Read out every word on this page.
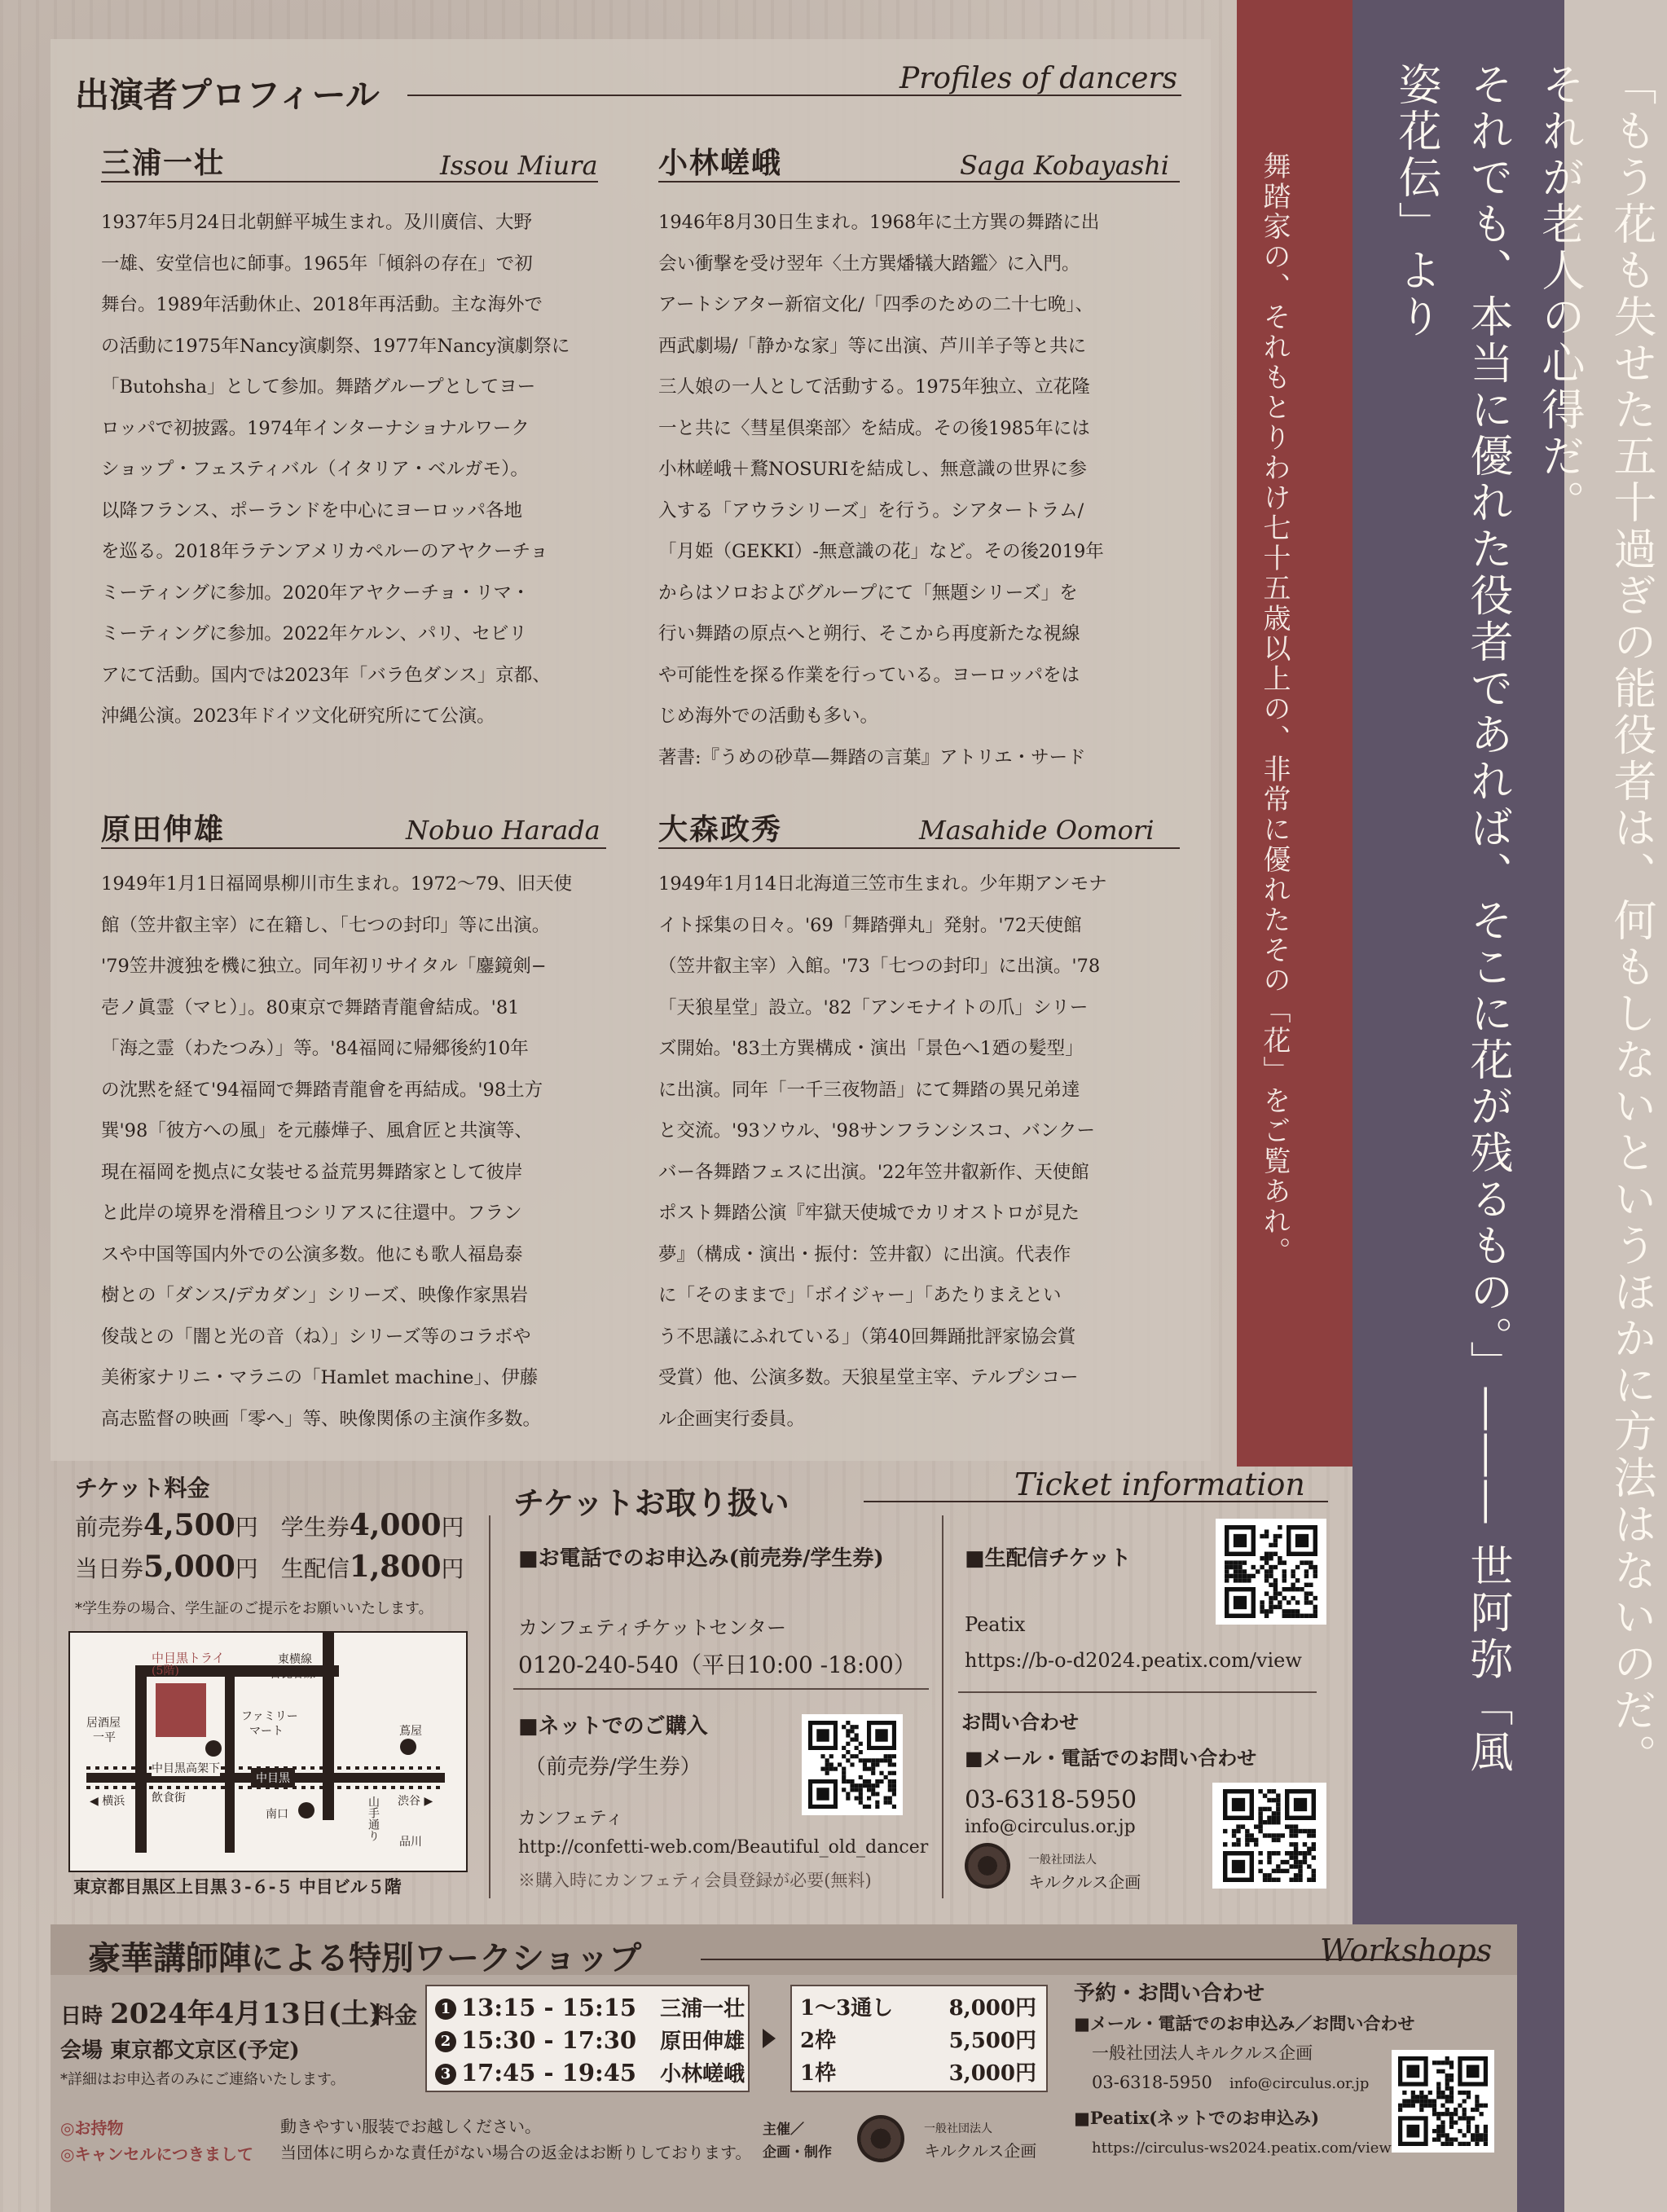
出演者プロフィール	Profiles of dancers
三浦一壮	Issou Miura
1937年5月24日北朝鮮平城生まれ。及川廣信、大野
一雄、安堂信也に師事。1965年「傾斜の存在」で初
舞台。1989年活動休止、2018年再活動。主な海外で
の活動に1975年Nancy演劇祭、1977年Nancy演劇祭に
「Butohsha」として参加。舞踏グループとしてヨー
ロッパで初披露。1974年インターナショナルワーク
ショップ・フェスティバル（イタリア・ベルガモ）。
以降フランス、ポーランドを中心にヨーロッパ各地
を巡る。2018年ラテンアメリカペルーのアヤクーチョ
ミーティングに参加。2020年アヤクーチョ・リマ・
ミーティングに参加。2022年ケルン、パリ、セビリ
アにて活動。国内では2023年「バラ色ダンス」京都、
沖縄公演。2023年ドイツ文化研究所にて公演。
小林嵯峨	Saga Kobayashi
1946年8月30日生まれ。1968年に土方巽の舞踏に出
会い衝撃を受け翌年〈土方巽燔犠大踏鑑〉に入門。
アートシアター新宿文化/「四季のための二十七晩」、
西武劇場/「静かな家」等に出演、芦川羊子等と共に
三人娘の一人として活動する。1975年独立、立花隆
一と共に〈彗星倶楽部〉を結成。その後1985年には
小林嵯峨＋鶩NOSURIを結成し、無意識の世界に参
入する「アウラシリーズ」を行う。シアタートラム/
「月姫（GEKKI）-無意識の花」など。その後2019年
からはソロおよびグループにて「無題シリーズ」を
行い舞踏の原点へと朔行、そこから再度新たな視線
や可能性を探る作業を行っている。ヨーロッパをは
じめ海外での活動も多い。
著書:『うめの砂草—舞踏の言葉』アトリエ・サード
原田伸雄	Nobuo Harada
1949年1月1日福岡県柳川市生まれ。1972〜79、旧天使
館（笠井叡主宰）に在籍し、「七つの封印」等に出演。
'79笠井渡独を機に独立。同年初リサイタル「鏖鏡剣−
壱ノ眞霊（マヒ）」。80東京で舞踏青龍會結成。'81
「海之霊（わたつみ）」等。'84福岡に帰郷後約10年
の沈黙を経て'94福岡で舞踏青龍會を再結成。'98土方
巽'98「彼方への風」を元藤燁子、風倉匠と共演等、
現在福岡を拠点に女装せる益荒男舞踏家として彼岸
と此岸の境界を滑稽且つシリアスに往還中。フラン
スや中国等国内外での公演多数。他にも歌人福島泰
樹との「ダンス/デカダン」シリーズ、映像作家黒岩
俊哉との「闇と光の音（ね）」シリーズ等のコラボや
美術家ナリニ・マラニの「Hamlet machine」、伊藤
高志監督の映画「零へ」等、映像関係の主演作多数。
大森政秀	Masahide Oomori
1949年1月14日北海道三笠市生まれ。少年期アンモナ
イト採集の日々。'69「舞踏弾丸」発射。'72天使館
（笠井叡主宰）入館。'73「七つの封印」に出演。'78
「天狼星堂」設立。'82「アンモナイトの爪」シリー
ズ開始。'83土方巽構成・演出「景色へ1廼の髪型」
に出演。同年「一千三夜物語」にて舞踏の異兄弟達
と交流。'93ソウル、'98サンフランシスコ、バンクー
バー各舞踏フェスに出演。'22年笠井叡新作、天使館
ポスト舞踏公演『牢獄天使城でカリオストロが見た
夢』（構成・演出・振付：笠井叡）に出演。代表作
に「そのままで」「ボイジャー」「あたりまえとい
う不思議にふれている」（第40回舞踊批評家協会賞
受賞）他、公演多数。天狼星堂主宰、テルプシコー
ル企画実行委員。
舞踏家の、それもとりわけ七十五歳以上の、非常に優れたその「花」をご覧あれ。	「もう花も失せた五十過ぎの能役者は、何もしないというほかに方法はないのだ。それが老人の心得だ。
それでも、本当に優れた役者であれば、そこに花が残るもの。」――― 世阿弥「風姿花伝」より
チケット料金
前売券4,500円　 学生券4,000円
当日券5,000円　 生配信1,800円
*学生券の場合、学生証のご提示をお願いいたします。
中目黒トライ
(5階)
東横線
日比谷線
居酒屋
一平
ファミリー
マート	蔦屋
中目黒高架下
飲食街
中目黒
南口
◀ 横浜	渋谷 ▶
山手通り
品川
東京都目黒区上目黒３-６-５ 中目ビル５階
チケットお取り扱い	Ticket information
■お電話でのお申込み(前売券/学生券)
カンフェティチケットセンター
0120-240-540（平日10:00 -18:00）
■ネットでのご購入
（前売券/学生券）
カンフェティ
http://confetti-web.com/Beautiful_old_dancer
※購入時にカンフェティ会員登録が必要(無料)
■生配信チケット
Peatix
https://b-o-d2024.peatix.com/view
お問い合わせ
■メール・電話でのお問い合わせ
03-6318-5950
info@circulus.or.jp
一般社団法人
キルクルス企画
豪華講師陣による特別ワークショップ	Workshops
日時 2024年4月13日(土)
料金
会場 東京都文京区(予定)
*詳細はお申込者のみにご連絡いたします。
1 13:15 - 15:15　 三浦一壮
2 15:30 - 17:30　 原田伸雄
3 17:45 - 19:45　 小林嵯峨
1～3通し	8,000円
2枠	5,500円
1枠	3,000円
◎お持物	動きやすい服装でお越しください。
◎キャンセルにつきまして 当団体に明らかな責任がない場合の返金はお断りしております。
主催／
企画・制作
一般社団法人
キルクルス企画
予約・お問い合わせ
■メール・電話でのお申込み／お問い合わせ
一般社団法人キルクルス企画
03-6318-5950　 info@circulus.or.jp
■Peatix(ネットでのお申込み)
https://circulus-ws2024.peatix.com/view
